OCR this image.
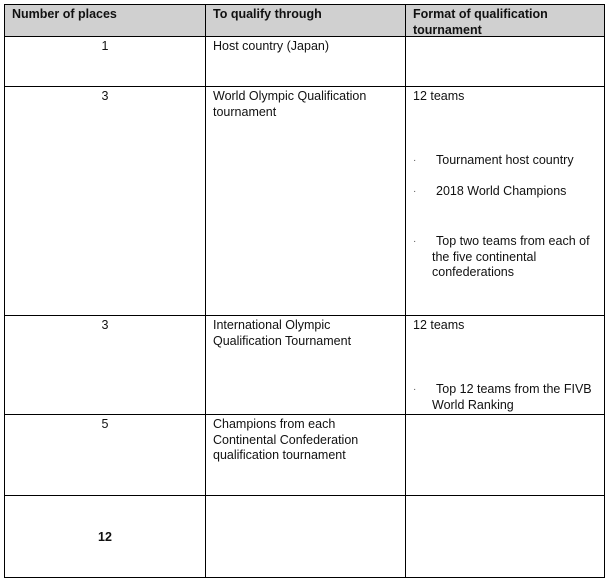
Number of places	To qualify through	Format of qualification tournament
1	Host country (Japan)
3	World Olympic Qualification tournament
12 teams
· Tournament host country
· 2018 World Champions
·	Top two teams from each of the five continental confederations
3	International Olympic Qualification Tournament
12 teams
·	Top 12 teams from the FIVB World Ranking
5	Champions from each Continental Confederation qualification tournament
12
